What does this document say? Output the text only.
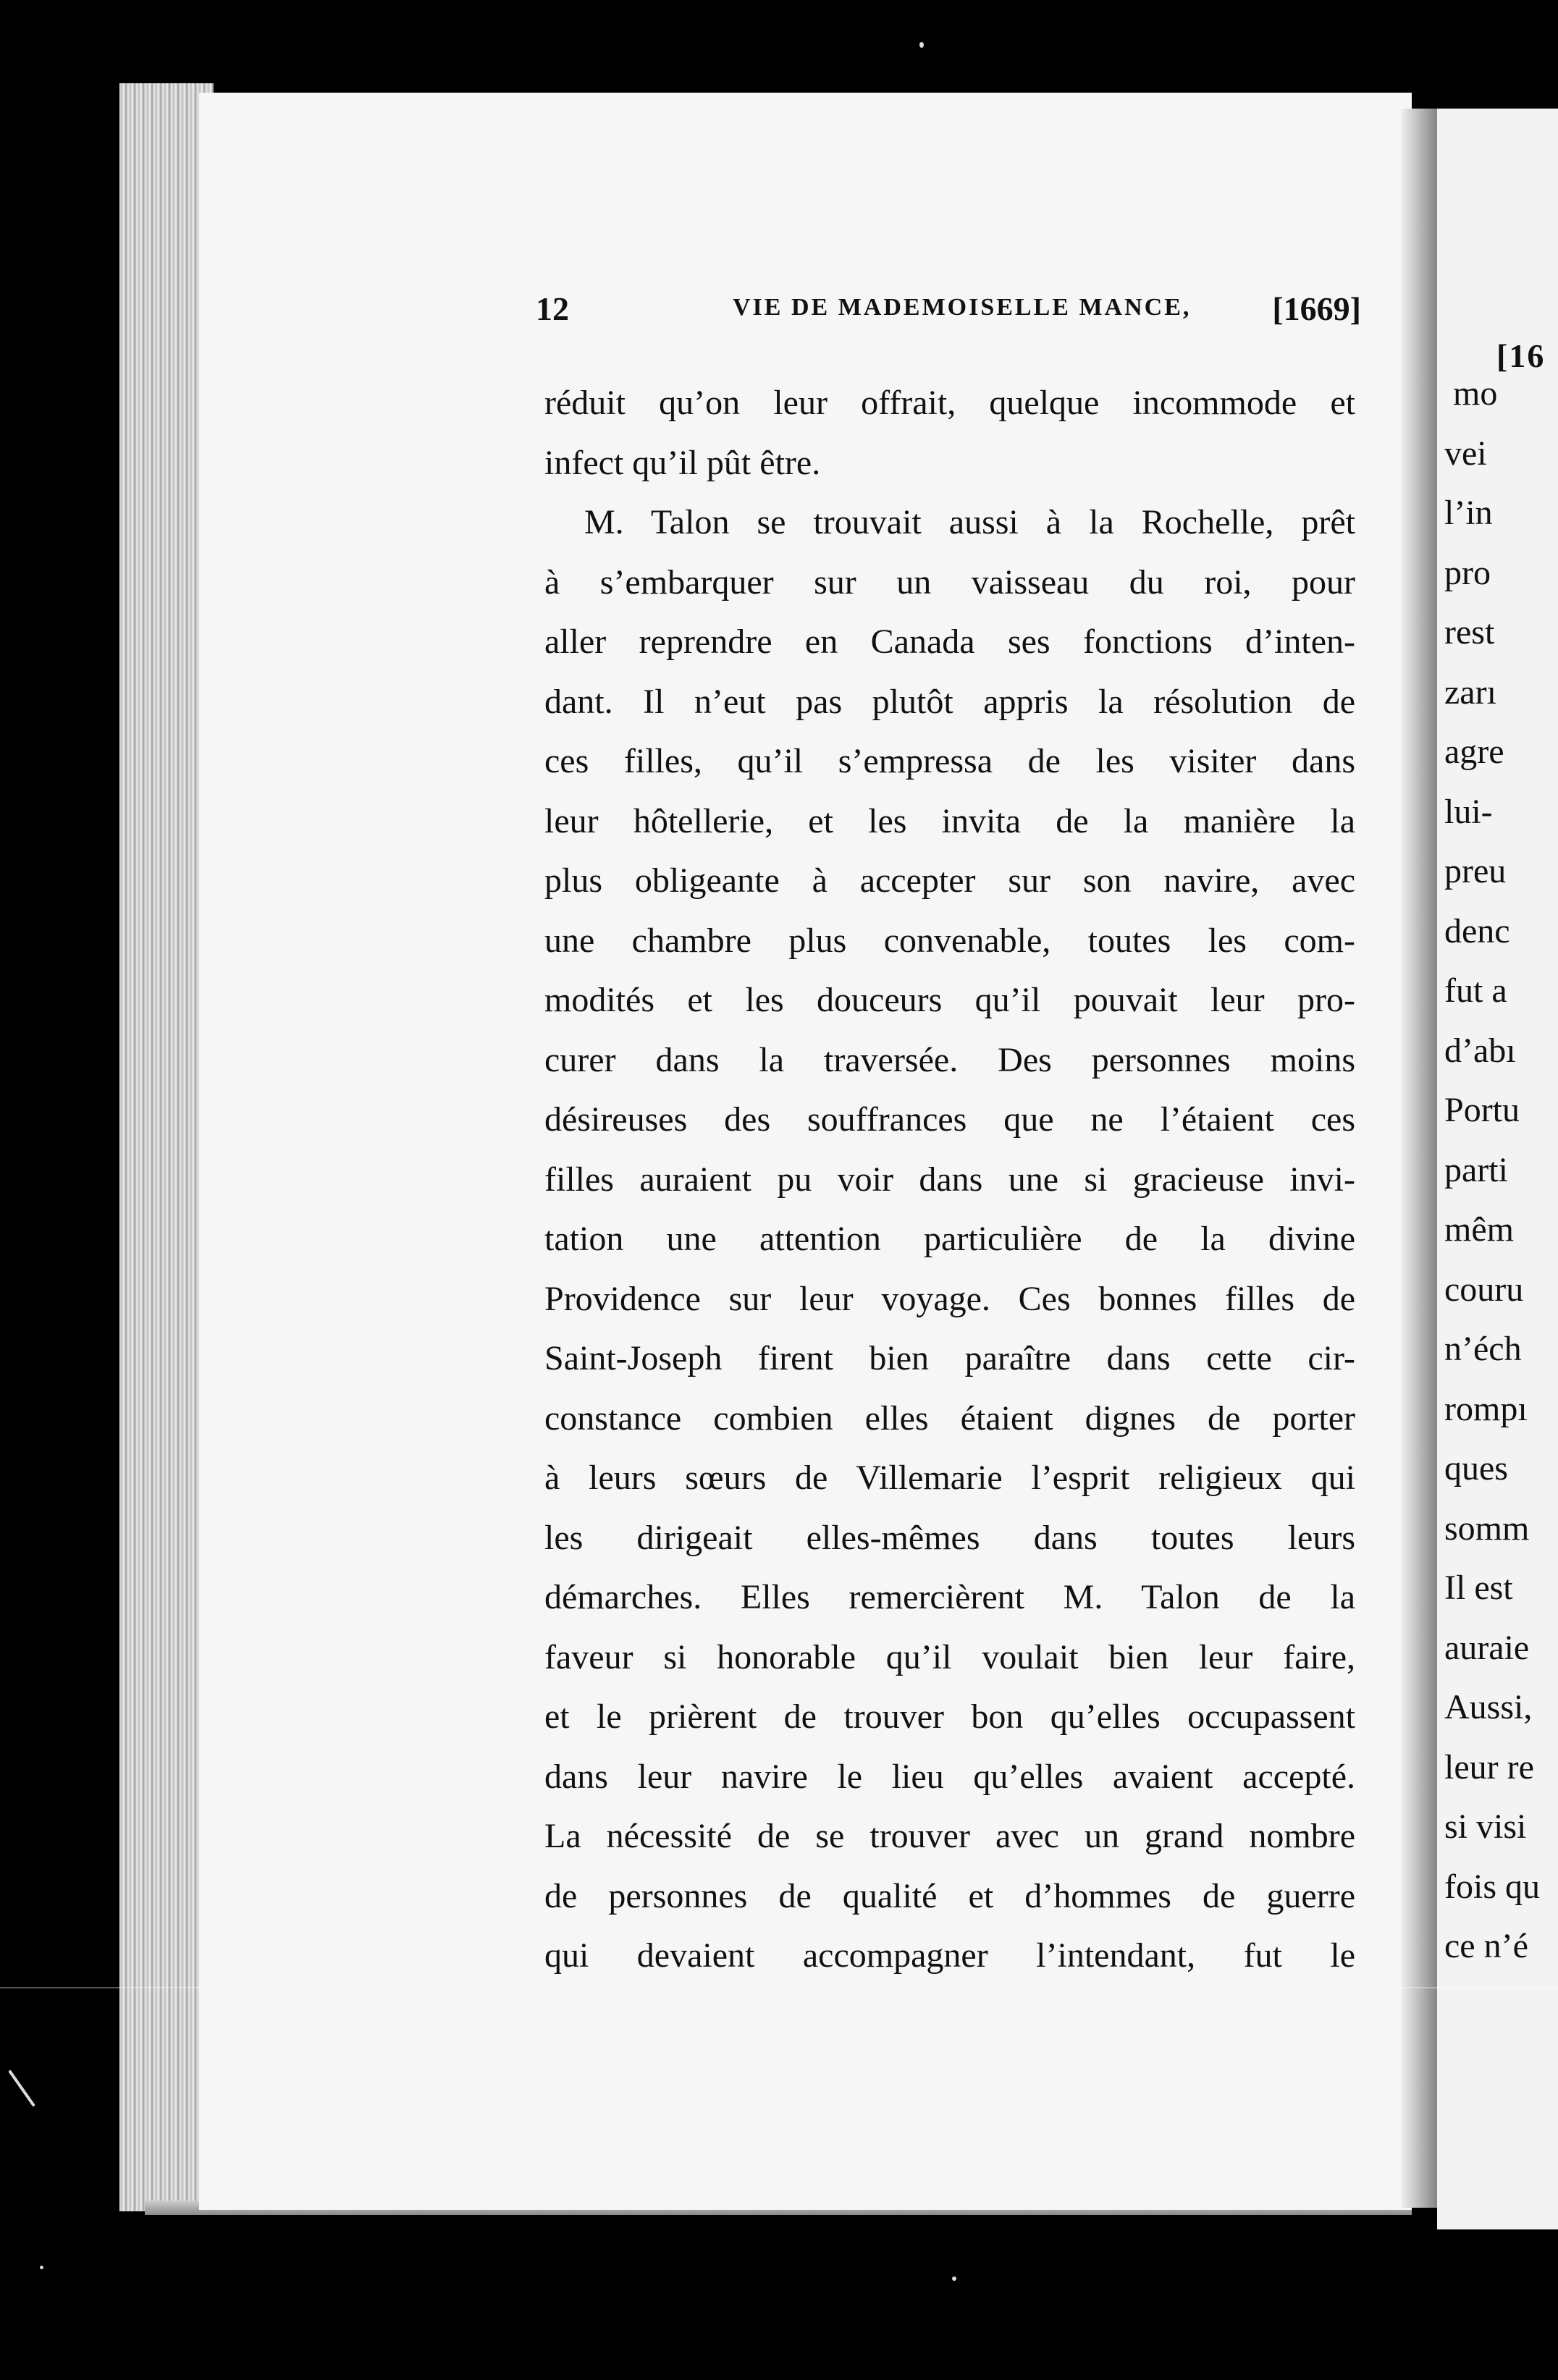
[16
mo
vei
l’in
pro
rest
zarı
agre
lui-
preu
denc
fut a
d’abı
Portu
parti
mêm
couru
n’éch
rompı
ques
somm
Il est
auraie
Aussi,
leur re
si visi
fois qu
ce n’é
12	VIE DE MADEMOISELLE MANCE, [1669]
réduit qu’on leur offrait, quelque incommode et
infect qu’il pût être.
M. Talon se trouvait aussi à la Rochelle, prêt
à s’embarquer sur un vaisseau du roi, pour
aller reprendre en Canada ses fonctions d’inten-
dant. Il n’eut pas plutôt appris la résolution de
ces filles, qu’il s’empressa de les visiter dans
leur hôtellerie, et les invita de la manière la
plus obligeante à accepter sur son navire, avec
une chambre plus convenable, toutes les com-
modités et les douceurs qu’il pouvait leur pro-
curer dans la traversée. Des personnes moins
désireuses des souffrances que ne l’étaient ces
filles auraient pu voir dans une si gracieuse invi-
tation une attention particulière de la divine
Providence sur leur voyage. Ces bonnes filles de
Saint-Joseph firent bien paraître dans cette cir-
constance combien elles étaient dignes de porter
à leurs sœurs de Villemarie l’esprit religieux qui
les dirigeait elles-mêmes dans toutes leurs
démarches. Elles remercièrent M. Talon de la
faveur si honorable qu’il voulait bien leur faire,
et le prièrent de trouver bon qu’elles occupassent
dans leur navire le lieu qu’elles avaient accepté.
La nécessité de se trouver avec un grand nombre
de personnes de qualité et d’hommes de guerre
qui devaient accompagner l’intendant, fut le
